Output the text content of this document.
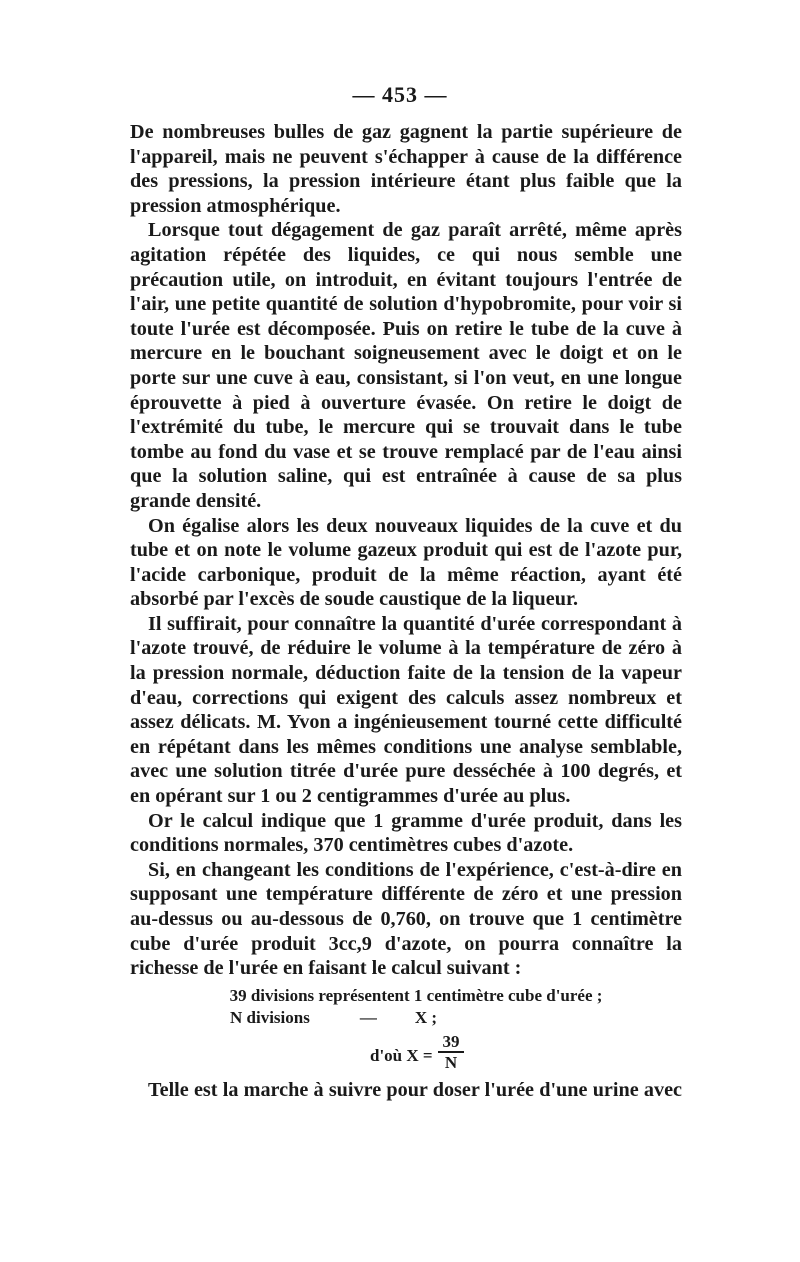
— 453 —

De nombreuses bulles de gaz gagnent la partie supérieure de l'appareil, mais ne peuvent s'échapper à cause de la différence des pressions, la pression intérieure étant plus faible que la pression atmosphérique.

Lorsque tout dégagement de gaz paraît arrêté, même après agitation répétée des liquides, ce qui nous semble une précaution utile, on introduit, en évitant toujours l'entrée de l'air, une petite quantité de solution d'hypobromite, pour voir si toute l'urée est décomposée. Puis on retire le tube de la cuve à mercure en le bouchant soigneusement avec le doigt et on le porte sur une cuve à eau, consistant, si l'on veut, en une longue éprouvette à pied à ouverture évasée. On retire le doigt de l'extrémité du tube, le mercure qui se trouvait dans le tube tombe au fond du vase et se trouve remplacé par de l'eau ainsi que la solution saline, qui est entraînée à cause de sa plus grande densité.

On égalise alors les deux nouveaux liquides de la cuve et du tube et on note le volume gazeux produit qui est de l'azote pur, l'acide carbonique, produit de la même réaction, ayant été absorbé par l'excès de soude caustique de la liqueur.

Il suffirait, pour connaître la quantité d'urée correspondant à l'azote trouvé, de réduire le volume à la température de zéro à la pression normale, déduction faite de la tension de la vapeur d'eau, corrections qui exigent des calculs assez nombreux et assez délicats. M. Yvon a ingénieusement tourné cette difficulté en répétant dans les mêmes conditions une analyse semblable, avec une solution titrée d'urée pure desséchée à 100 degrés, et en opérant sur 1 ou 2 centigrammes d'urée au plus.

Or le calcul indique que 1 gramme d'urée produit, dans les conditions normales, 370 centimètres cubes d'azote.

Si, en changeant les conditions de l'expérience, c'est-à-dire en supposant une température différente de zéro et une pression au-dessus ou au-dessous de 0,760, on trouve que 1 centimètre cube d'urée produit 3cc,9 d'azote, on pourra connaître la richesse de l'urée en faisant le calcul suivant :

39 divisions représentent 1 centimètre cube d'urée ;
N divisions	— X ;
d'où $X = \frac{39}{N}$
Telle est la marche à suivre pour doser l'urée d'une urine avec
